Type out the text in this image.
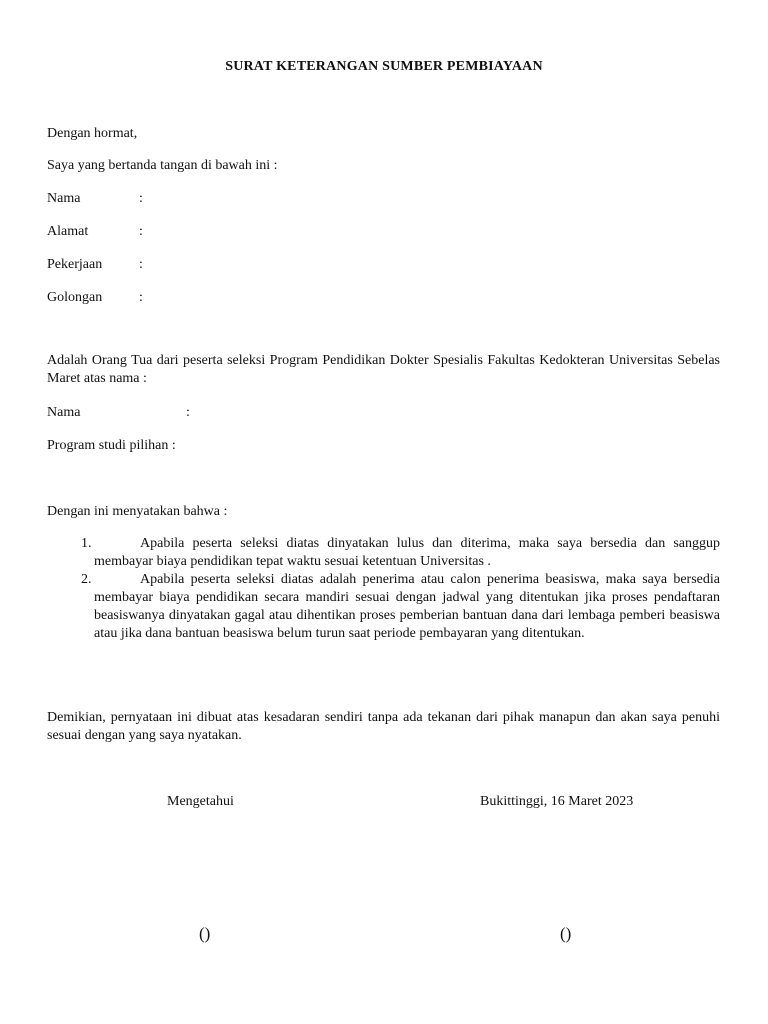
SURAT KETERANGAN SUMBER PEMBIAYAAN
Dengan hormat,
Saya yang bertanda tangan di bawah ini :
Nama	:
Alamat	:
Pekerjaan	:
Golongan	:
Adalah Orang Tua dari peserta seleksi Program Pendidikan Dokter Spesialis Fakultas Kedokteran Universitas Sebelas Maret atas nama :
Nama	:
Program studi pilihan :
Dengan ini menyatakan bahwa :
1.	Apabila peserta seleksi diatas dinyatakan lulus dan diterima, maka saya bersedia dan sanggup membayar biaya pendidikan tepat waktu sesuai ketentuan Universitas .
2.	Apabila peserta seleksi diatas adalah penerima atau calon penerima beasiswa, maka saya bersedia membayar biaya pendidikan secara mandiri sesuai dengan jadwal yang ditentukan jika proses pendaftaran beasiswanya dinyatakan gagal atau dihentikan proses pemberian bantuan dana dari lembaga pemberi beasiswa atau jika dana bantuan beasiswa belum turun saat periode pembayaran yang ditentukan.
Demikian, pernyataan ini dibuat atas kesadaran sendiri tanpa ada tekanan dari pihak manapun dan akan saya penuhi sesuai dengan yang saya nyatakan.
Mengetahui	Bukittinggi, 16 Maret 2023
()	()
